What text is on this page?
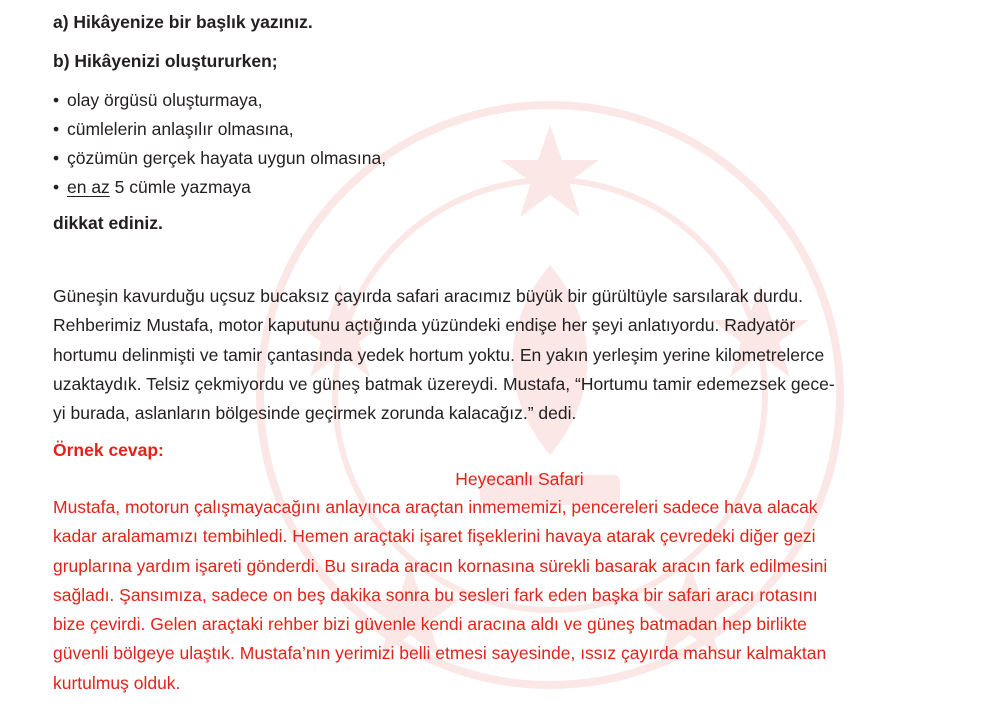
a) Hikâyenize bir başlık yazınız.
b) Hikâyenizi oluştururken;
• olay örgüsü oluşturmaya,
• cümlelerin anlaşılır olmasına,
• çözümün gerçek hayata uygun olmasına,
• en az 5 cümle yazmaya
dikkat ediniz.

Güneşin kavurduğu uçsuz bucaksız çayırda safari aracımız büyük bir gürültüyle sarsılarak durdu.
Rehberimiz Mustafa, motor kaputunu açtığında yüzündeki endişe her şeyi anlatıyordu. Radyatör
hortumu delinmişti ve tamir çantasında yedek hortum yoktu. En yakın yerleşim yerine kilometrelerce
uzaktaydık. Telsiz çekmiyordu ve güneş batmak üzereydi. Mustafa, “Hortumu tamir edemezsek gece-
yi burada, aslanların bölgesinde geçirmek zorunda kalacağız.” dedi.

Örnek cevap:
Heyecanlı Safari

Mustafa, motorun çalışmayacağını anlayınca araçtan inmememizi, pencereleri sadece hava alacak
kadar aralamamızı tembihledi. Hemen araçtaki işaret fişeklerini havaya atarak çevredeki diğer gezi
gruplarına yardım işareti gönderdi. Bu sırada aracın kornasına sürekli basarak aracın fark edilmesini
sağladı. Şansımıza, sadece on beş dakika sonra bu sesleri fark eden başka bir safari aracı rotasını
bize çevirdi. Gelen araçtaki rehber bizi güvenle kendi aracına aldı ve güneş batmadan hep birlikte
güvenli bölgeye ulaştık. Mustafa’nın yerimizi belli etmesi sayesinde, ıssız çayırda mahsur kalmaktan
kurtulmuş olduk.
